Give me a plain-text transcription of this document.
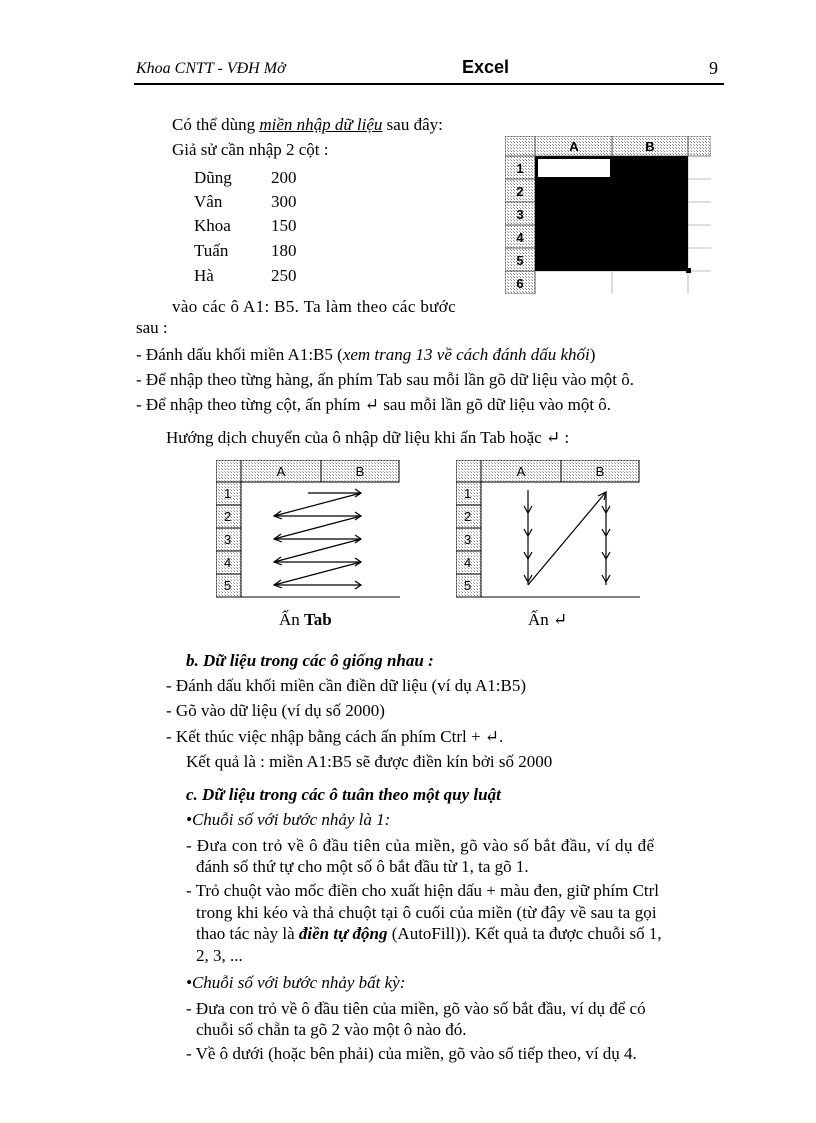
Khoa CNTT - VĐH Mở	Excel	9
Có thể dùng miền nhập dữ liệu sau đây:
Giả sử cần nhập 2 cột :
Dũng 200
Vân	300
Khoa 150
Tuấn	180
Hà	250
A	B
1
2
3
4
5
6
vào các ô A1: B5. Ta làm theo các bước
sau :
- Đánh dấu khối miền A1:B5 (xem trang 13 về cách đánh dấu khối)
- Để nhập theo từng hàng, ấn phím Tab sau mỗi lần gõ dữ liệu vào một ô.
- Để nhập theo từng cột, ấn phím ↵ sau mỗi lần gõ dữ liệu vào một ô.
Hướng dịch chuyển của ô nhập dữ liệu khi ấn Tab hoặc ↵ :
A	B
1
2
3
4
5
Ấn Tab
A	B
1
2
3
4
5
Ấn ↵
b. Dữ liệu trong các ô giống nhau :
- Đánh dấu khối miền cần điền dữ liệu (ví dụ A1:B5)
- Gõ vào dữ liệu (ví dụ số 2000)
- Kết thúc việc nhập bằng cách ấn phím Ctrl + ↵.
Kết quả là : miền A1:B5 sẽ được điền kín bởi số 2000
c. Dữ liệu trong các ô tuân theo một quy luật
•Chuỗi số với bước nhảy là 1:
- Đưa con trỏ về ô đầu tiên của miền, gõ vào số bắt đầu, ví dụ để
đánh số thứ tự cho một số ô bắt đầu từ 1, ta gõ 1.
- Trỏ chuột vào mốc điền cho xuất hiện dấu + màu đen, giữ phím Ctrl
trong khi kéo và thả chuột tại ô cuối của miền (từ đây về sau ta gọi
thao tác này là điền tự động (AutoFill)). Kết quả ta được chuỗi số 1,
2, 3, ...
•Chuỗi số với bước nhảy bất kỳ:
- Đưa con trỏ về ô đầu tiên của miền, gõ vào số bắt đầu, ví dụ để có
chuỗi số chẵn ta gõ 2 vào một ô nào đó.
- Về ô dưới (hoặc bên phải) của miền, gõ vào số tiếp theo, ví dụ 4.
